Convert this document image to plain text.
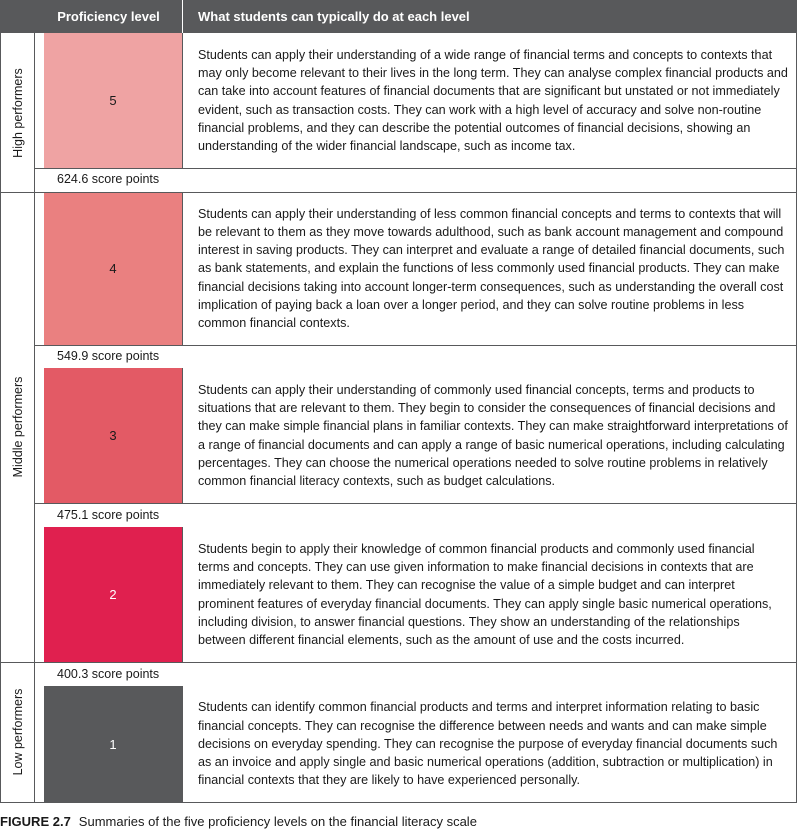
Proficiency level	What students can typically do at each level
High performers
Middle performers
Low performers
5
Students can apply their understanding of a wide range of financial terms and concepts to contexts that may only become relevant to their lives in the long term. They can analyse complex financial products and can take into account features of financial documents that are significant but unstated or not immediately evident, such as transaction costs. They can work with a high level of accuracy and solve non-routine financial problems, and they can describe the potential outcomes of financial decisions, showing an understanding of the wider financial landscape, such as income tax.
624.6 score points
4
Students can apply their understanding of less common financial concepts and terms to contexts that will be relevant to them as they move towards adulthood, such as bank account management and compound interest in saving products. They can interpret and evaluate a range of detailed financial documents, such as bank statements, and explain the functions of less commonly used financial products. They can make financial decisions taking into account longer-term consequences, such as understanding the overall cost implication of paying back a loan over a longer period, and they can solve routine problems in less common financial contexts.
549.9 score points
3
Students can apply their understanding of commonly used financial concepts, terms and products to situations that are relevant to them. They begin to consider the consequences of financial decisions and they can make simple financial plans in familiar contexts. They can make straightforward interpretations of a range of financial documents and can apply a range of basic numerical operations, including calculating percentages. They can choose the numerical operations needed to solve routine problems in relatively common financial literacy contexts, such as budget calculations.
475.1 score points
2
Students begin to apply their knowledge of common financial products and commonly used financial terms and concepts. They can use given information to make financial decisions in contexts that are immediately relevant to them. They can recognise the value of a simple budget and can interpret prominent features of everyday financial documents. They can apply single basic numerical operations, including division, to answer financial questions. They show an understanding of the relationships between different financial elements, such as the amount of use and the costs incurred.
400.3 score points
1
Students can identify common financial products and terms and interpret information relating to basic financial concepts. They can recognise the difference between needs and wants and can make simple decisions on everyday spending. They can recognise the purpose of everyday financial documents such as an invoice and apply single and basic numerical operations (addition, subtraction or multiplication) in financial contexts that they are likely to have experienced personally.
FIGURE 2.7 Summaries of the five proficiency levels on the financial literacy scale
